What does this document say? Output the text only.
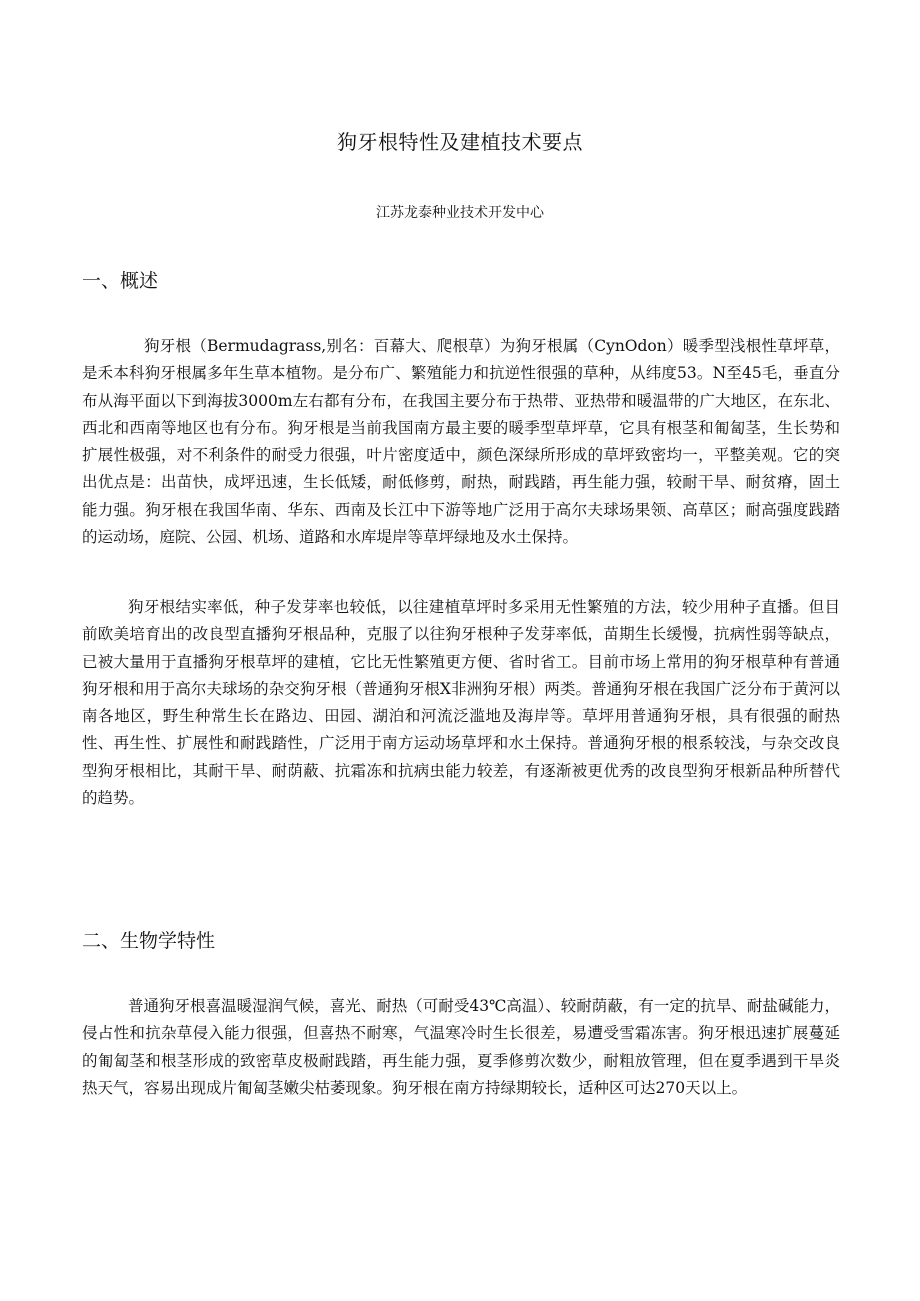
狗牙根特性及建植技术要点
江苏龙泰种业技术开发中心
一、概述

狗牙根（Bermudagrass,别名：百幕大、爬根草）为狗牙根属（CynOdon）暖季型浅根性草坪草，是禾本科狗牙根属多年生草本植物。是分布广、繁殖能力和抗逆性很强的草种，从纬度53。N至45毛，垂直分布从海平面以下到海拔3000m左右都有分布，在我国主要分布于热带、亚热带和暖温带的广大地区，在东北、西北和西南等地区也有分布。狗牙根是当前我国南方最主要的暖季型草坪草，它具有根茎和匍匐茎，生长势和扩展性极强，对不利条件的耐受力很强，叶片密度适中，颜色深绿所形成的草坪致密均一，平整美观。它的突出优点是：出苗快，成坪迅速，生长低矮，耐低修剪，耐热，耐践踏，再生能力强，较耐干旱、耐贫瘠，固土能力强。狗牙根在我国华南、华东、西南及长江中下游等地广泛用于高尔夫球场果领、高草区；耐高强度践踏的运动场，庭院、公园、机场、道路和水库堤岸等草坪绿地及水土保持。

狗牙根结实率低，种子发芽率也较低，以往建植草坪时多采用无性繁殖的方法，较少用种子直播。但目前欧美培育出的改良型直播狗牙根品种，克服了以往狗牙根种子发芽率低，苗期生长缓慢，抗病性弱等缺点，已被大量用于直播狗牙根草坪的建植，它比无性繁殖更方便、省时省工。目前市场上常用的狗牙根草种有普通狗牙根和用于高尔夫球场的杂交狗牙根（普通狗牙根X非洲狗牙根）两类。普通狗牙根在我国广泛分布于黄河以南各地区，野生种常生长在路边、田园、湖泊和河流泛滥地及海岸等。草坪用普通狗牙根，具有很强的耐热性、再生性、扩展性和耐践踏性，广泛用于南方运动场草坪和水土保持。普通狗牙根的根系较浅，与杂交改良型狗牙根相比，其耐干旱、耐荫蔽、抗霜冻和抗病虫能力较差，有逐渐被更优秀的改良型狗牙根新品种所替代的趋势。

二、生物学特性

普通狗牙根喜温暖湿润气候，喜光、耐热（可耐受43℃高温）、较耐荫蔽，有一定的抗旱、耐盐碱能力，侵占性和抗杂草侵入能力很强，但喜热不耐寒，气温寒冷时生长很差，易遭受雪霜冻害。狗牙根迅速扩展蔓延的匍匐茎和根茎形成的致密草皮极耐践踏，再生能力强，夏季修剪次数少，耐粗放管理，但在夏季遇到干旱炎热天气，容易出现成片匍匐茎嫩尖枯萎现象。狗牙根在南方持绿期较长，适种区可达270天以上。
